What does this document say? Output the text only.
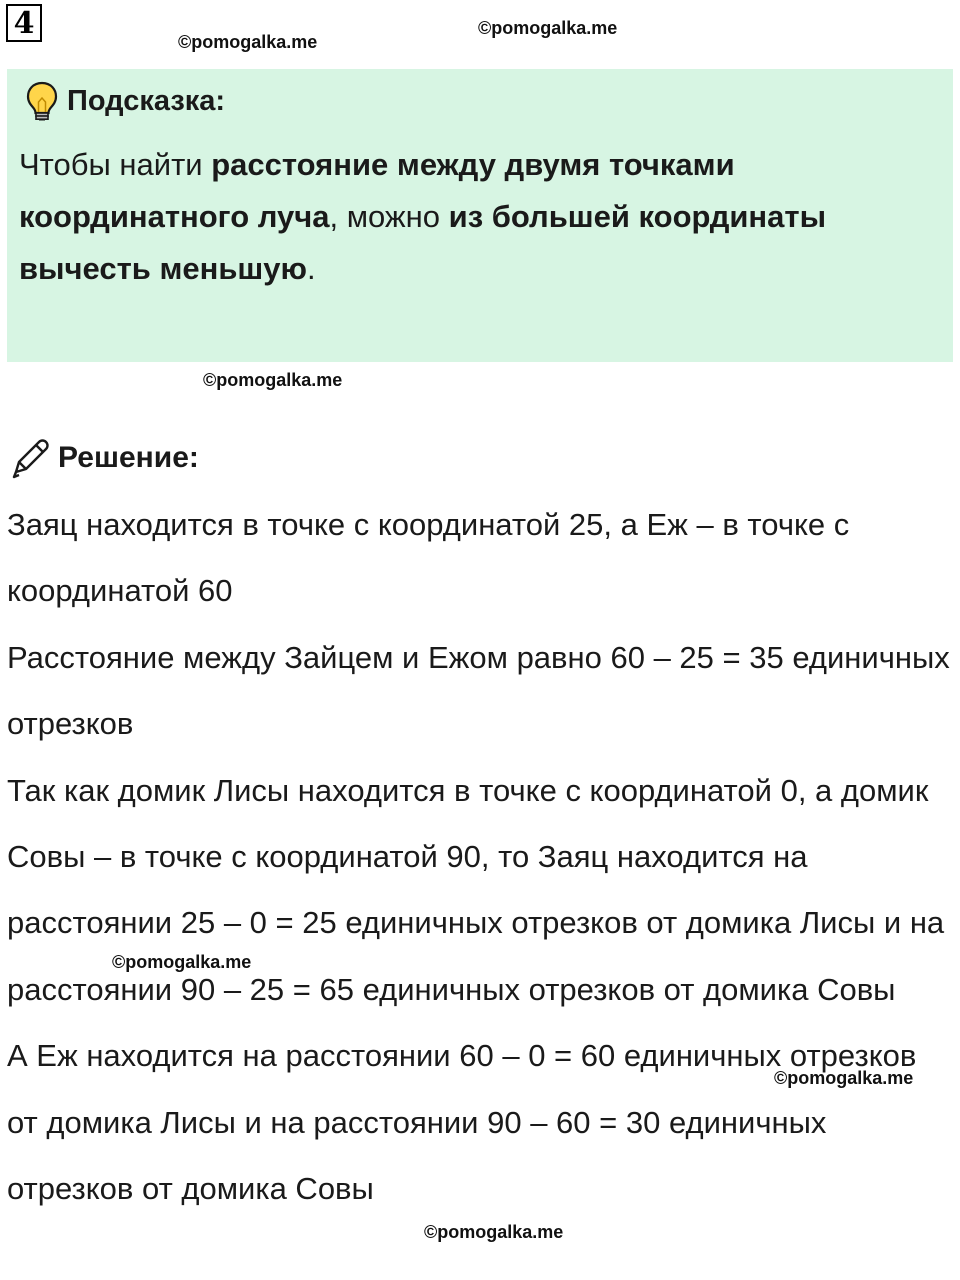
4
©pomogalka.me
©pomogalka.me
Подсказка:
Чтобы найти расстояние между двумя точками координатного луча, можно из большей координаты вычесть меньшую.
©pomogalka.me
Решение:

Заяц находится в точке с координатой 25, а Еж – в точке с координатой 60

Расстояние между Зайцем и Ежом равно 60 – 25 = 35 единичных отрезков

Так как домик Лисы находится в точке с координатой 0, а домик Совы – в точке с координатой 90, то Заяц находится на расстоянии 25 – 0 = 25 единичных отрезков от домика Лисы и на расстоянии 90 – 25 = 65 единичных отрезков от домика Совы

А Еж находится на расстоянии 60 – 0 = 60 единичных отрезков от домика Лисы и на расстоянии 90 – 60 = 30 единичных отрезков от домика Совы

©pomogalka.me
©pomogalka.me
©pomogalka.me
